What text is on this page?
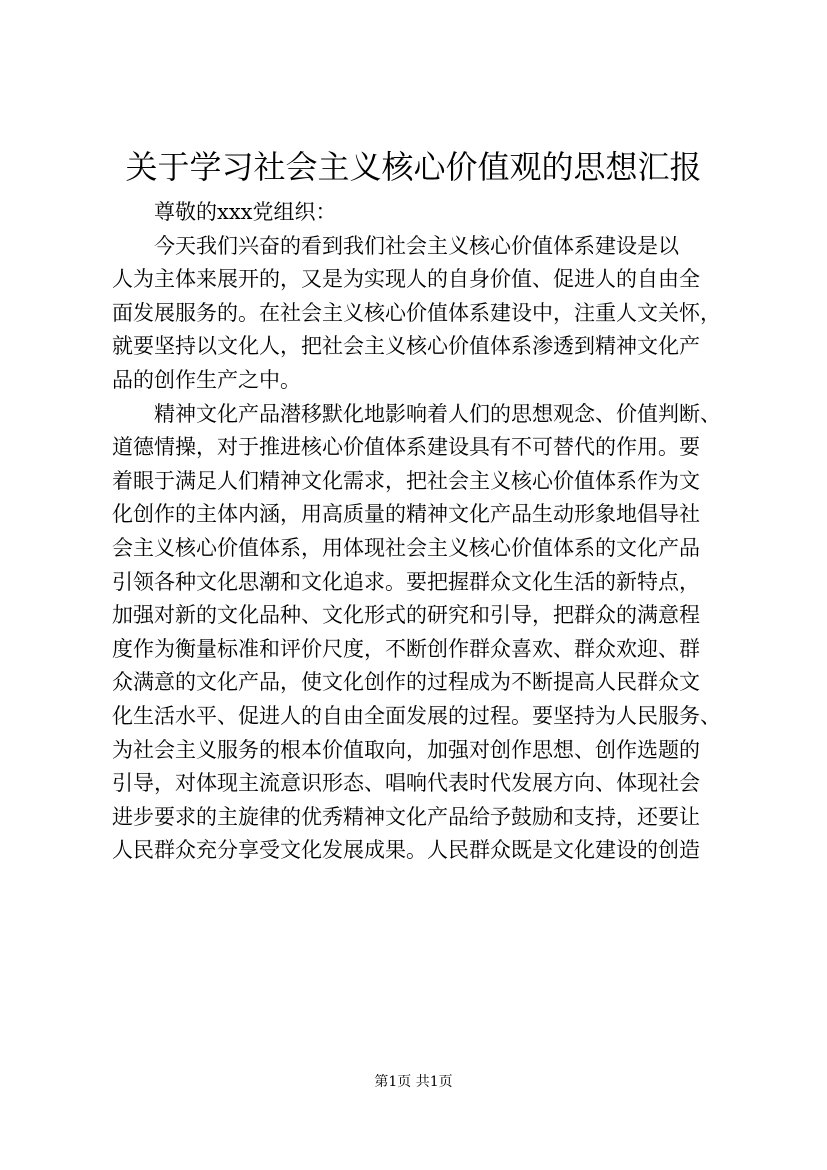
关于学习社会主义核心价值观的思想汇报
尊敬的xxx党组织：
今天我们兴奋的看到我们社会主义核心价值体系建设是以
人为主体来展开的，又是为实现人的自身价值、促进人的自由全
面发展服务的。在社会主义核心价值体系建设中，注重人文关怀，
就要坚持以文化人，把社会主义核心价值体系渗透到精神文化产
品的创作生产之中。
精神文化产品潜移默化地影响着人们的思想观念、价值判断、
道德情操，对于推进核心价值体系建设具有不可替代的作用。要
着眼于满足人们精神文化需求，把社会主义核心价值体系作为文
化创作的主体内涵，用高质量的精神文化产品生动形象地倡导社
会主义核心价值体系，用体现社会主义核心价值体系的文化产品
引领各种文化思潮和文化追求。要把握群众文化生活的新特点，
加强对新的文化品种、文化形式的研究和引导，把群众的满意程
度作为衡量标准和评价尺度，不断创作群众喜欢、群众欢迎、群
众满意的文化产品，使文化创作的过程成为不断提高人民群众文
化生活水平、促进人的自由全面发展的过程。要坚持为人民服务、
为社会主义服务的根本价值取向，加强对创作思想、创作选题的
引导，对体现主流意识形态、唱响代表时代发展方向、体现社会
进步要求的主旋律的优秀精神文化产品给予鼓励和支持，还要让
人民群众充分享受文化发展成果。人民群众既是文化建设的创造
第1页 共1页
